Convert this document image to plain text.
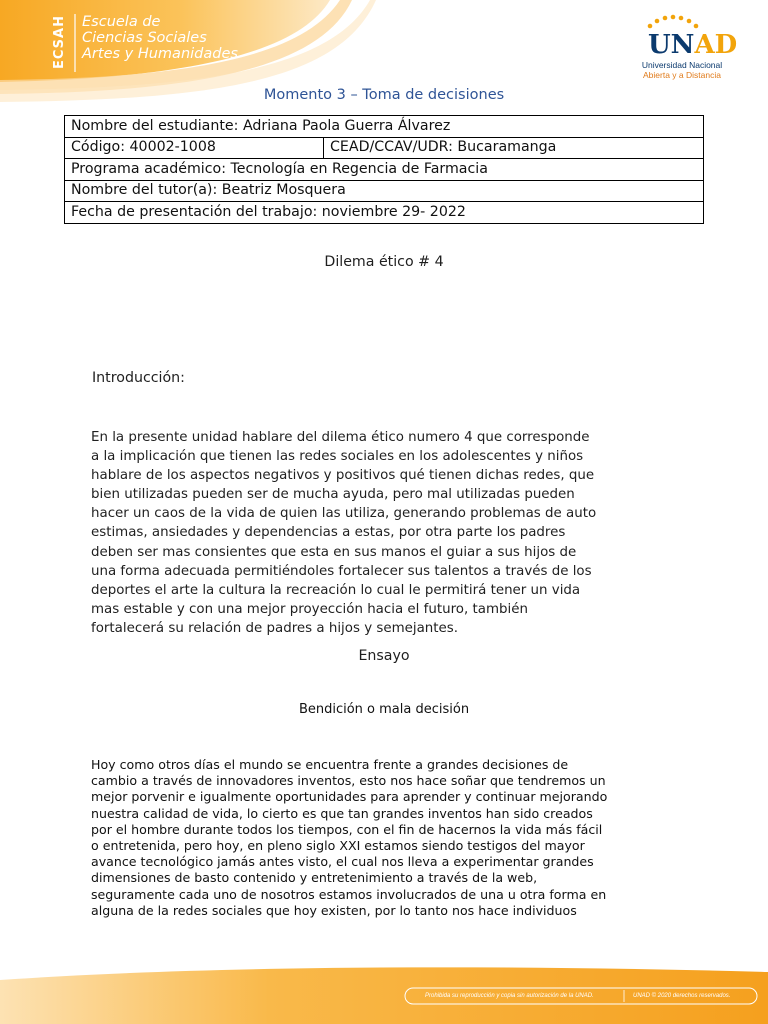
ECSAH Escuela de
Ciencias Sociales
Artes y Humanidades	UNAD
Universidad Nacional
Abierta y a Distancia
Momento 3 – Toma de decisiones
Nombre del estudiante: Adriana Paola Guerra Álvarez
Código: 40002-1008	CEAD/CCAV/UDR: Bucaramanga
Programa académico: Tecnología en Regencia de Farmacia
Nombre del tutor(a): Beatriz Mosquera
Fecha de presentación del trabajo: noviembre 29- 2022
Dilema ético # 4
Introducción:
En la presente unidad hablare del dilema ético numero 4 que corresponde
a la implicación que tienen las redes sociales en los adolescentes y niños
hablare de los aspectos negativos y positivos qué tienen dichas redes, que
bien utilizadas pueden ser de mucha ayuda, pero mal utilizadas pueden
hacer un caos de la vida de quien las utiliza, generando problemas de auto
estimas, ansiedades y dependencias a estas, por otra parte los padres
deben ser mas consientes que esta en sus manos el guiar a sus hijos de
una forma adecuada permitiéndoles fortalecer sus talentos a través de los
deportes el arte la cultura la recreación lo cual le permitirá tener un vida
mas estable y con una mejor proyección hacia el futuro, también
fortalecerá su relación de padres a hijos y semejantes.
Ensayo
Bendición o mala decisión
Hoy como otros días el mundo se encuentra frente a grandes decisiones de
cambio a través de innovadores inventos, esto nos hace soñar que tendremos un
mejor porvenir e igualmente oportunidades para aprender y continuar mejorando
nuestra calidad de vida, lo cierto es que tan grandes inventos han sido creados
por el hombre durante todos los tiempos, con el fin de hacernos la vida más fácil
o entretenida, pero hoy, en pleno siglo XXI estamos siendo testigos del mayor
avance tecnológico jamás antes visto, el cual nos lleva a experimentar grandes
dimensiones de basto contenido y entretenimiento a través de la web,
seguramente cada uno de nosotros estamos involucrados de una u otra forma en
alguna de la redes sociales que hoy existen, por lo tanto nos hace individuos
Prohibida su reproducción y copia sin autorización de la UNAD.	UNAD © 2020 derechos reservados.
